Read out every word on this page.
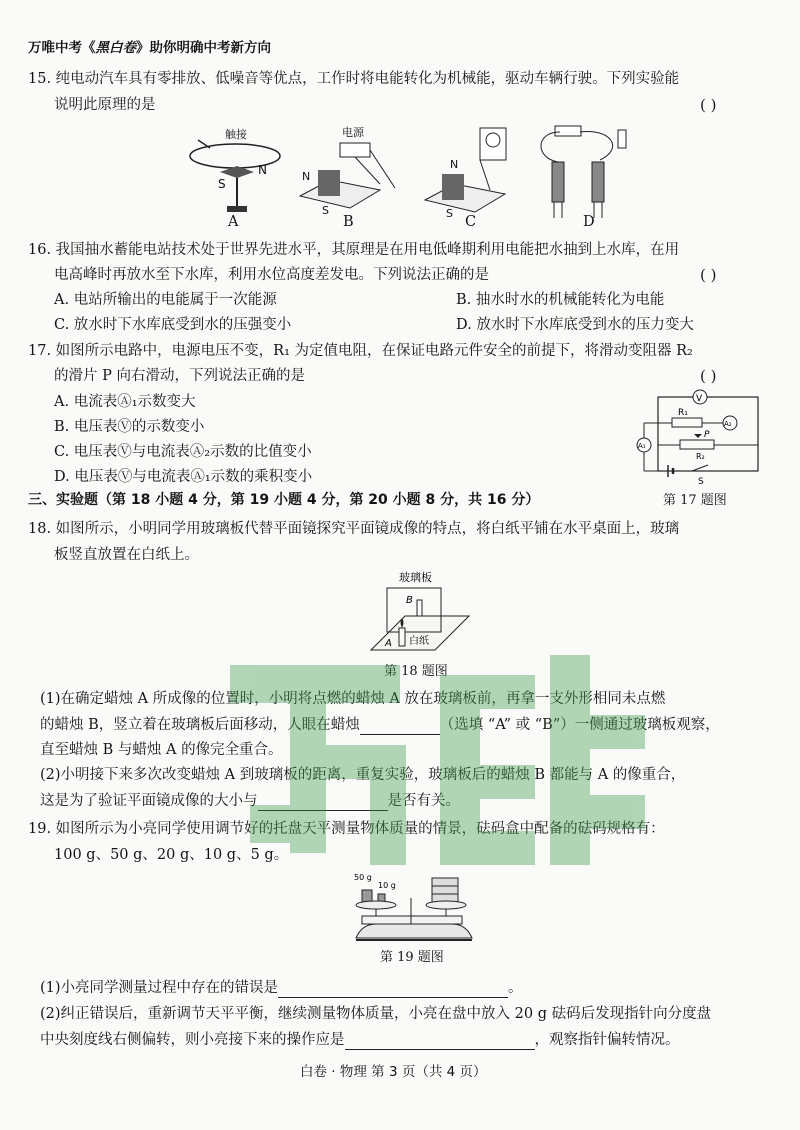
万唯中考《黑白卷》助你明确中考新方向
15. 纯电动汽车具有零排放、低噪音等优点，工作时将电能转化为机械能，驱动车辆行驶。下列实验能
说明此原理的是	( )
触接
S
N
电源
S
N
S
N
A	B	C	D
16. 我国抽水蓄能电站技术处于世界先进水平，其原理是在用电低峰期利用电能把水抽到上水库，在用
电高峰时再放水至下水库，利用水位高度差发电。下列说法正确的是	( )
A. 电站所输出的电能属于一次能源	B. 抽水时水的机械能转化为电能
C. 放水时下水库底受到水的压强变小	D. 放水时下水库底受到水的压力变大
17. 如图所示电路中，电源电压不变，R₁ 为定值电阻，在保证电路元件安全的前提下，将滑动变阻器 R₂
的滑片 P 向右滑动，下列说法正确的是	( )
A. 电流表Ⓐ₁示数变大
B. 电压表Ⓥ的示数变小
C. 电压表Ⓥ与电流表Ⓐ₂示数的比值变小
D. 电压表Ⓥ与电流表Ⓐ₁示数的乘积变小
V
A₂
A₁
R₁
P
R₂
S
第 17 题图
三、实验题（第 18 小题 4 分，第 19 小题 4 分，第 20 小题 8 分，共 16 分）
18. 如图所示，小明同学用玻璃板代替平面镜探究平面镜成像的特点，将白纸平铺在水平桌面上，玻璃
板竖直放置在白纸上。
玻璃板
B
A 白纸
第 18 题图
(1)在确定蜡烛 A 所成像的位置时，小明将点燃的蜡烛 A 放在玻璃板前，再拿一支外形相同未点燃
的蜡烛 B，竖立着在玻璃板后面移动，人眼在蜡烛	（选填 “A” 或 “B”）一侧通过玻璃板观察，
直至蜡烛 B 与蜡烛 A 的像完全重合。
(2)小明接下来多次改变蜡烛 A 到玻璃板的距离，重复实验，玻璃板后的蜡烛 B 都能与 A 的像重合，
这是为了验证平面镜成像的大小与	是否有关。
19. 如图所示为小亮同学使用调节好的托盘天平测量物体质量的情景，砝码盒中配备的砝码规格有：
100 g、50 g、20 g、10 g、5 g。
50 g
10 g
第 19 题图
(1)小亮同学测量过程中存在的错误是	。
(2)纠正错误后，重新调节天平平衡，继续测量物体质量，小亮在盘中放入 20 g 砝码后发现指针向分度盘
中央刻度线右侧偏转，则小亮接下来的操作应是	，观察指针偏转情况。
白卷 · 物理 第 3 页（共 4 页）
